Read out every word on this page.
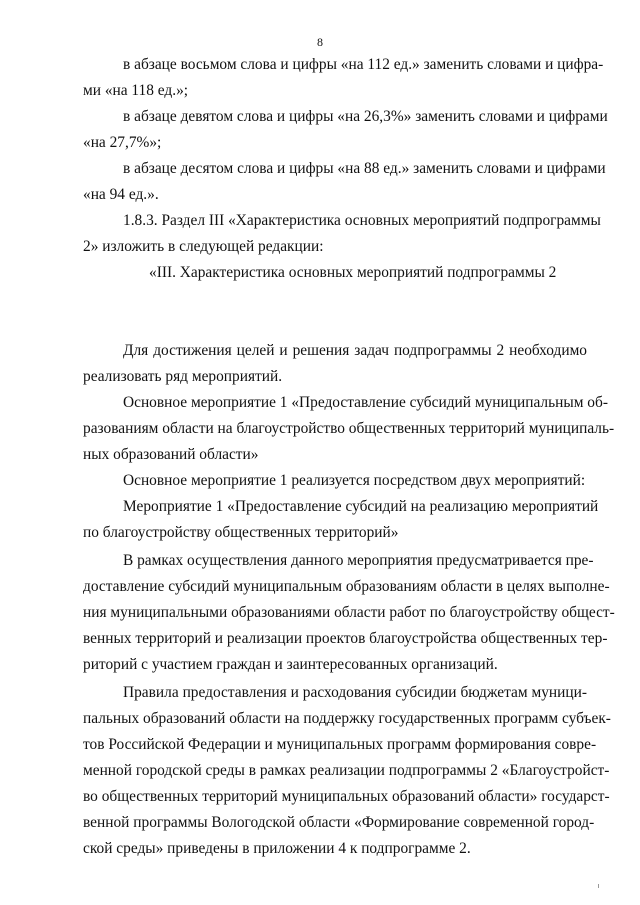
8
в абзаце восьмом слова и цифры «на 112 ед.» заменить словами и цифра-
ми «на 118 ед.»;
в абзаце девятом слова и цифры «на 26,3%» заменить словами и цифрами
«на 27,7%»;
в абзаце десятом слова и цифры «на 88 ед.» заменить словами и цифрами
«на 94 ед.».
1.8.3. Раздел III «Характеристика основных мероприятий подпрограммы
2» изложить в следующей редакции:
«III. Характеристика основных мероприятий подпрограммы 2
Для достижения целей и решения задач подпрограммы 2 необходимо
реализовать ряд мероприятий.
Основное мероприятие 1 «Предоставление субсидий муниципальным об-
разованиям области на благоустройство общественных территорий муниципаль-
ных образований области»
Основное мероприятие 1 реализуется посредством двух мероприятий:
Мероприятие 1 «Предоставление субсидий на реализацию мероприятий
по благоустройству общественных территорий»
В рамках осуществления данного мероприятия предусматривается пре-
доставление субсидий муниципальным образованиям области в целях выполне-
ния муниципальными образованиями области работ по благоустройству общест-
венных территорий и реализации проектов благоустройства общественных тер-
риторий с участием граждан и заинтересованных организаций.
Правила предоставления и расходования субсидии бюджетам муници-
пальных образований области на поддержку государственных программ субъек-
тов Российской Федерации и муниципальных программ формирования совре-
менной городской среды в рамках реализации подпрограммы 2 «Благоустройст-
во общественных территорий муниципальных образований области» государст-
венной программы Вологодской области «Формирование современной город-
ской среды» приведены в приложении 4 к подпрограмме 2.
